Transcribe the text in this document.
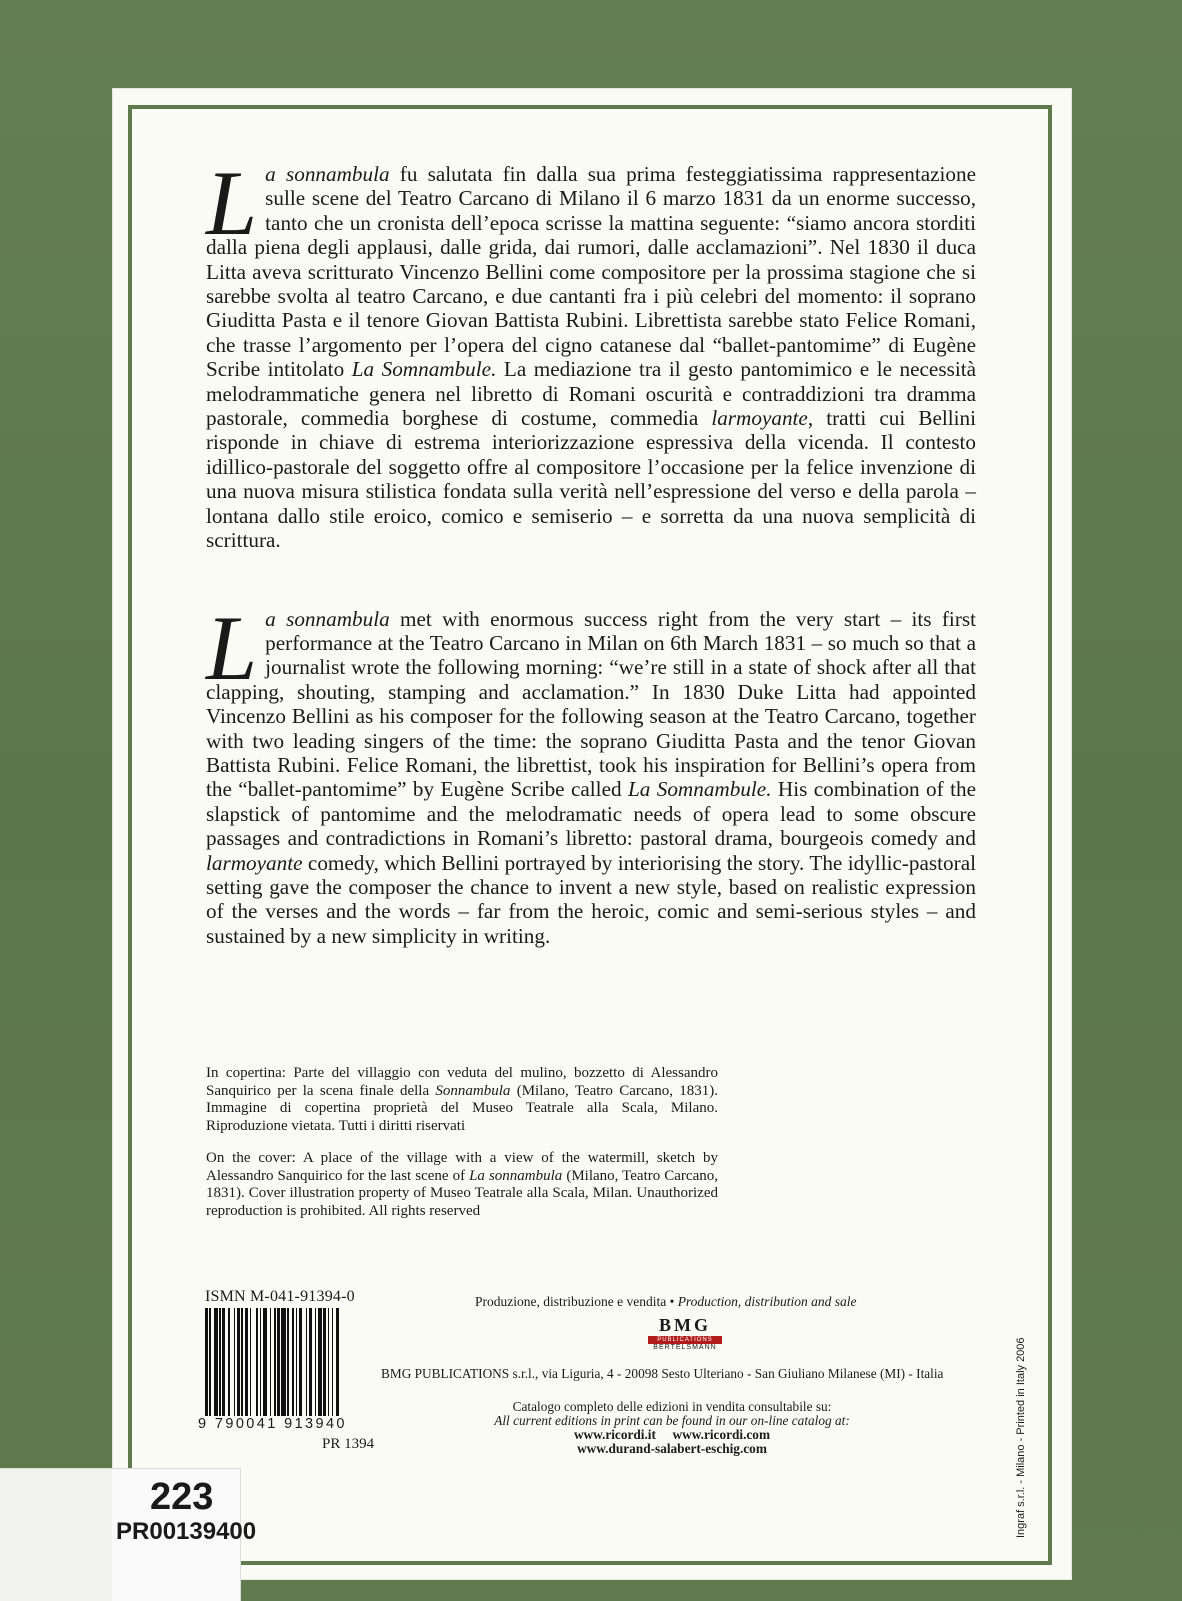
La sonnambula fu salutata fin dalla sua prima festeggiatissima rappresentazione sulle scene del Teatro Carcano di Milano il 6 marzo 1831 da un enorme successo, tanto che un cronista dell’epoca scrisse la mattina seguente: “siamo ancora storditi dalla piena degli applausi, dalle grida, dai rumori, dalle acclamazioni”. Nel 1830 il duca Litta aveva scritturato Vincenzo Bellini come compositore per la prossima stagione che si sarebbe svolta al teatro Carcano, e due cantanti fra i più celebri del momento: il soprano Giuditta Pasta e il tenore Giovan Battista Rubini. Librettista sarebbe stato Felice Romani, che trasse l’argomento per l’opera del cigno catanese dal “ballet-pantomime” di Eugène Scribe intitolato La Somnambule. La mediazione tra il gesto pantomimico e le necessità melodrammatiche genera nel libretto di Romani oscurità e contraddizioni tra dramma pastorale, commedia borghese di costume, commedia larmoyante, tratti cui Bellini risponde in chiave di estrema interiorizzazione espressiva della vicenda. Il contesto idillico-pastorale del soggetto offre al compositore l’occasione per la felice invenzione di una nuova misura stilistica fondata sulla verità nell’espressione del verso e della parola – lontana dallo stile eroico, comico e semiserio – e sorretta da una nuova semplicità di scrittura.

La sonnambula met with enormous success right from the very start – its first performance at the Teatro Carcano in Milan on 6th March 1831 – so much so that a journalist wrote the following morning: “we’re still in a state of shock after all that clapping, shouting, stamping and acclamation.” In 1830 Duke Litta had appointed Vincenzo Bellini as his composer for the following season at the Teatro Carcano, together with two leading singers of the time: the soprano Giuditta Pasta and the tenor Giovan Battista Rubini. Felice Romani, the librettist, took his inspiration for Bellini’s opera from the “ballet-pantomime” by Eugène Scribe called La Somnambule. His combination of the slapstick of pantomime and the melodramatic needs of opera lead to some obscure passages and contradictions in Romani’s libretto: pastoral drama, bourgeois comedy and larmoyante comedy, which Bellini portrayed by interiorising the story. The idyllic-pastoral setting gave the composer the chance to invent a new style, based on realistic expression of the verses and the words – far from the heroic, comic and semi-serious styles – and sustained by a new simplicity in writing.

In copertina: Parte del villaggio con veduta del mulino, bozzetto di Alessandro Sanquirico per la scena finale della Sonnambula (Milano, Teatro Carcano, 1831). Immagine di copertina proprietà del Museo Teatrale alla Scala, Milano. Riproduzione vietata. Tutti i diritti riservati

On the cover: A place of the village with a view of the watermill, sketch by Alessandro Sanquirico for the last scene of La sonnambula (Milano, Teatro Carcano, 1831). Cover illustration property of Museo Teatrale alla Scala, Milan. Unauthorized reproduction is prohibited. All rights reserved

ISMN M-041-91394-0
9 790041 913940
PR 1394
Produzione, distribuzione e vendita • Production, distribution and sale
BMG
PUBLICATIONS
BERTELSMANN
BMG PUBLICATIONS s.r.l., via Liguria, 4 - 20098 Sesto Ulteriano - San Giuliano Milanese (MI) - Italia
Catalogo completo delle edizioni in vendita consultabile su:
All current editions in print can be found in our on-line catalog at:
www.ricordi.it www.ricordi.com
www.durand-salabert-eschig.com	Ingraf s.r.l. - Milano - Printed in Italy 2006
223
PR00139400
